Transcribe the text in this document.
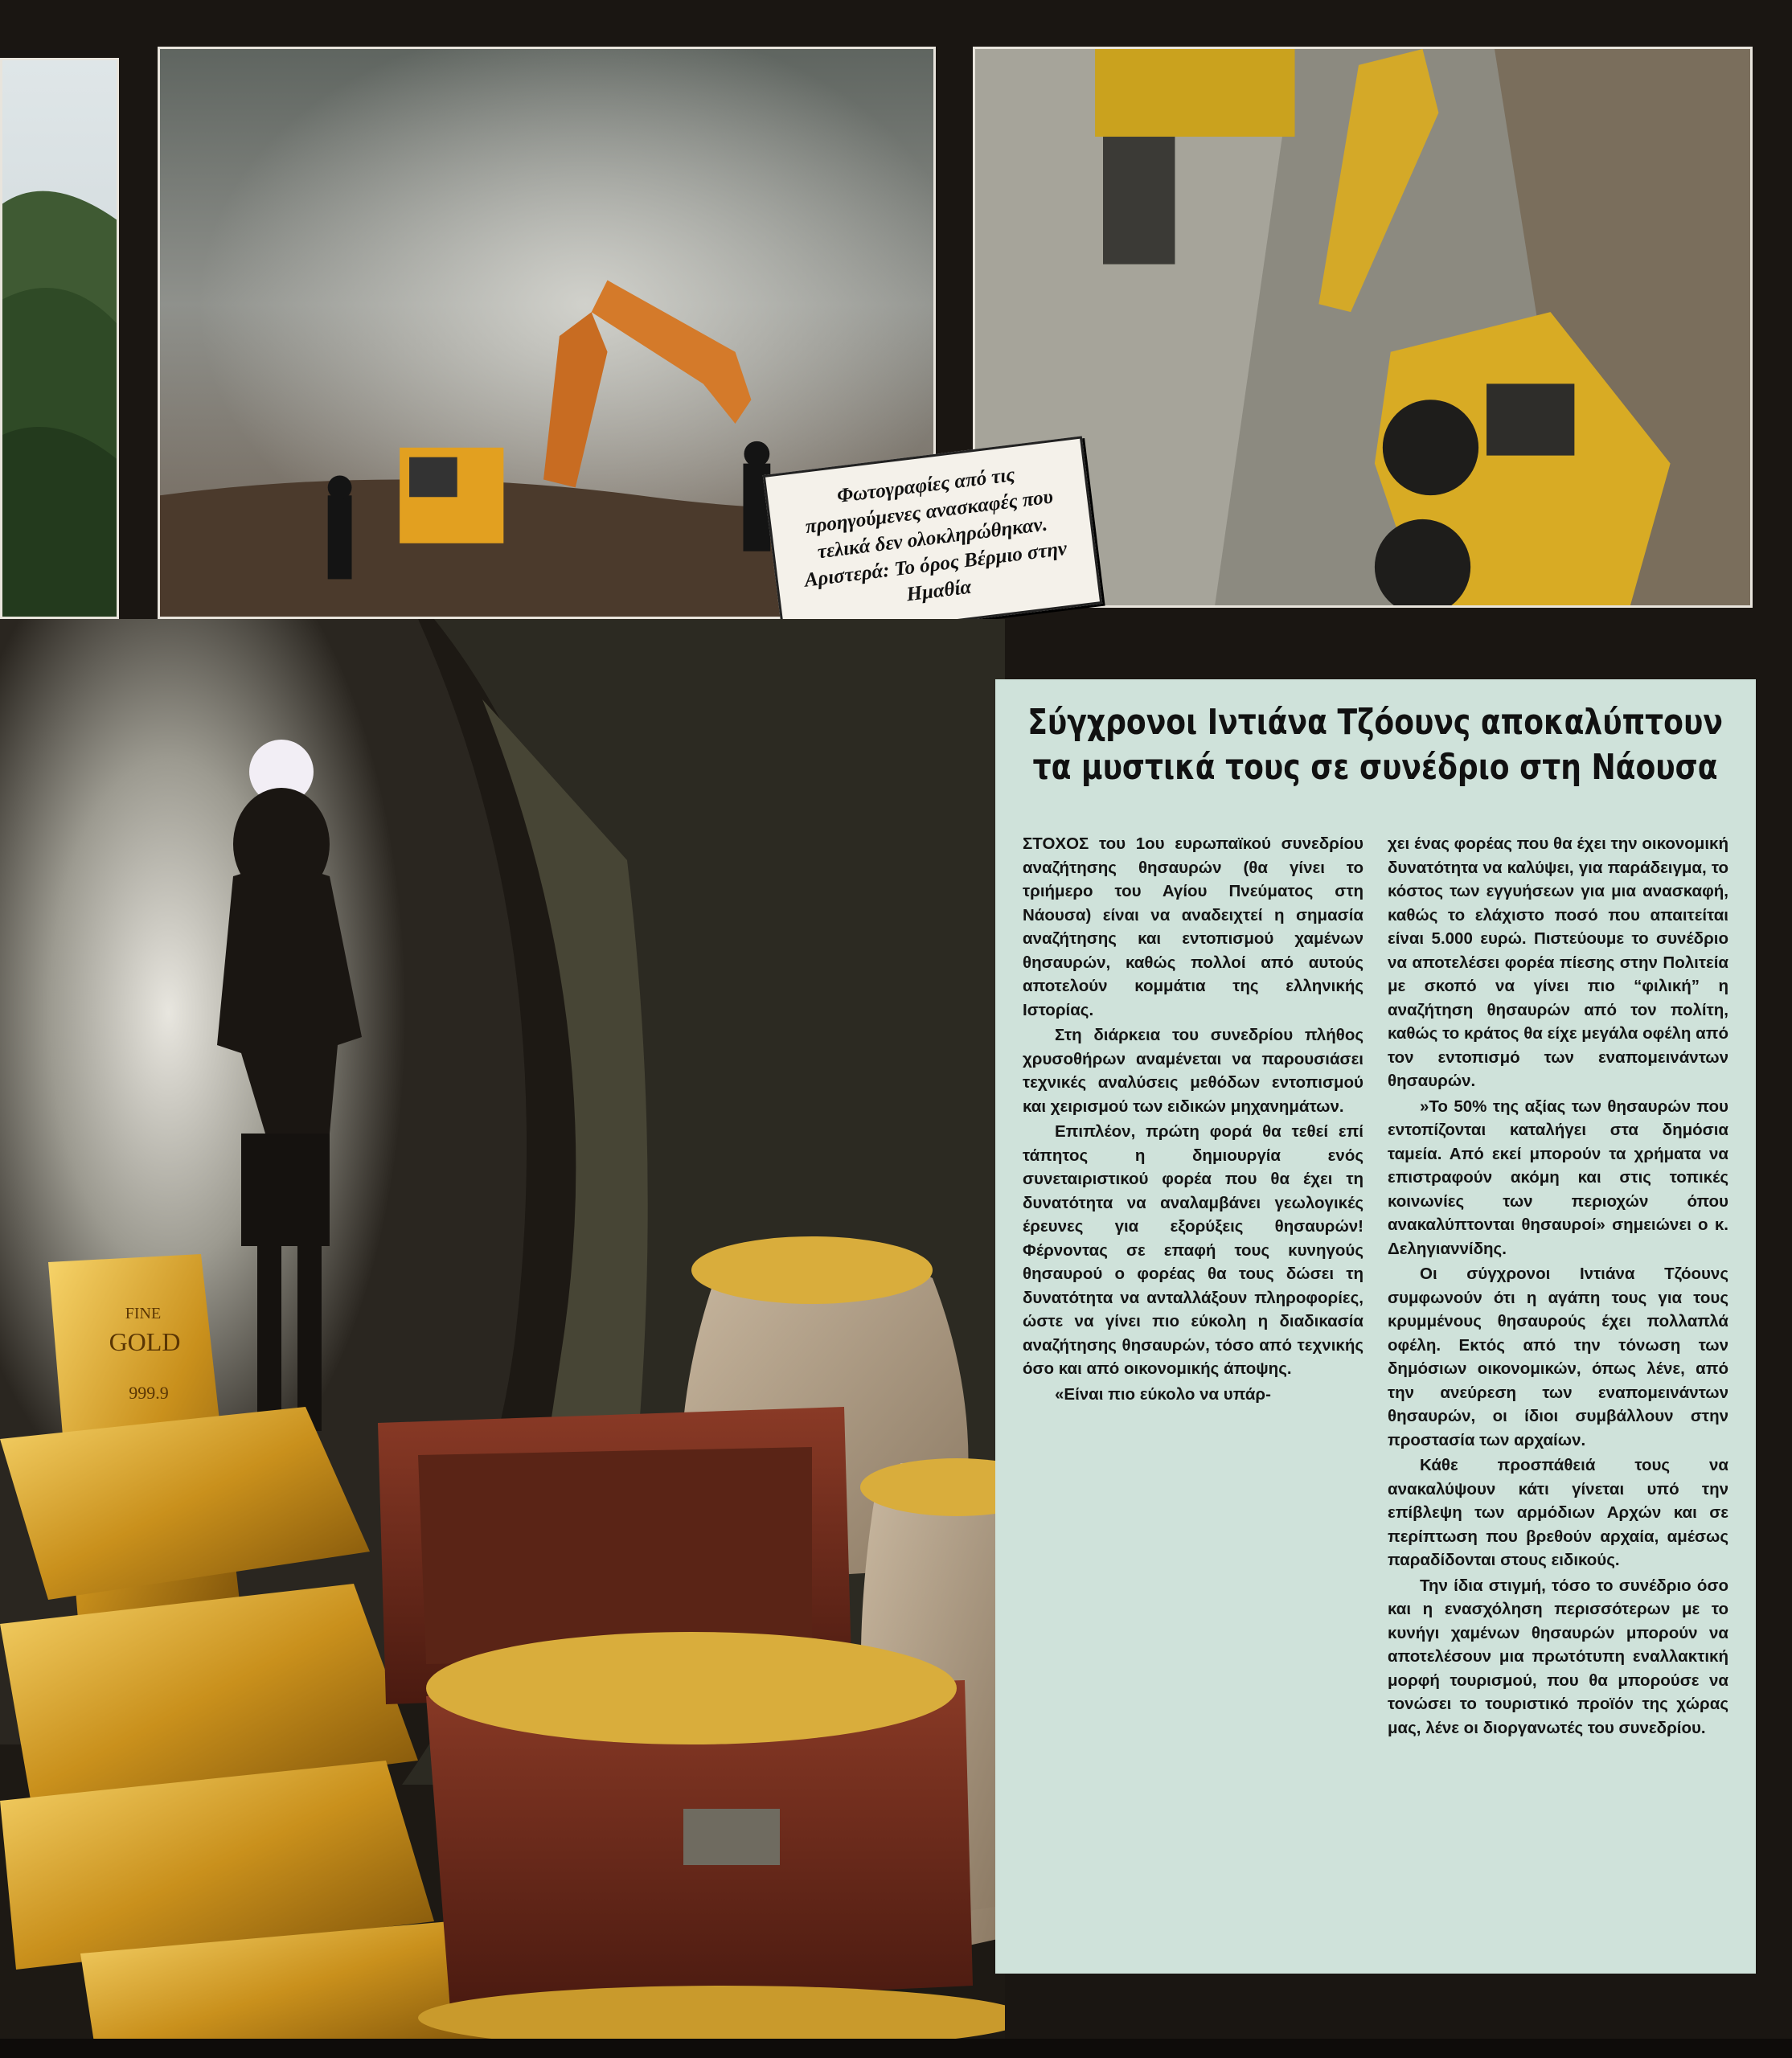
Φωτογραφίες από τις προηγούμενες ανασκαφές που τελικά δεν ολοκληρώθηκαν. Αριστερά: Το όρος Βέρμιο στην Ημαθία
FINE
GOLD
999.9
Σύγχρονοι Ιντιάνα Τζόουνς αποκαλύπτουν τα μυστικά τους σε συνέδριο στη Νάουσα

ΣΤΟΧΟΣ του 1ου ευρωπαϊκού συνεδρίου αναζήτησης θησαυρών (θα γίνει το τριήμερο του Αγίου Πνεύματος στη Νάουσα) είναι να αναδειχτεί η σημασία αναζήτησης και εντοπισμού χαμένων θησαυρών, καθώς πολλοί από αυτούς αποτελούν κομμάτια της ελληνικής Ιστορίας.

Στη διάρκεια του συνεδρίου πλήθος χρυσοθήρων αναμένεται να παρουσιάσει τεχνικές αναλύσεις μεθόδων εντοπισμού και χειρισμού των ειδικών μηχανημάτων.

Επιπλέον, πρώτη φορά θα τεθεί επί τάπητος η δημιουργία ενός συνεταιριστικού φορέα που θα έχει τη δυνατότητα να αναλαμβάνει γεωλογικές έρευνες για εξορύξεις θησαυρών! Φέρνοντας σε επαφή τους κυνηγούς θησαυρού ο φορέας θα τους δώσει τη δυνατότητα να ανταλλάξουν πληροφορίες, ώστε να γίνει πιο εύκολη η διαδικασία αναζήτησης θησαυρών, τόσο από τεχνικής όσο και από οικονομικής άποψης.

«Είναι πιο εύκολο να υπάρ-

χει ένας φορέας που θα έχει την οικονομική δυνατότητα να καλύψει, για παράδειγμα, το κόστος των εγγυήσεων για μια ανασκαφή, καθώς το ελάχιστο ποσό που απαιτείται είναι 5.000 ευρώ. Πιστεύουμε το συνέδριο να αποτελέσει φορέα πίεσης στην Πολιτεία με σκοπό να γίνει πιο “φιλική” η αναζήτηση θησαυρών από τον πολίτη, καθώς το κράτος θα είχε μεγάλα οφέλη από τον εντοπισμό των εναπομεινάντων θησαυρών.

»Το 50% της αξίας των θησαυρών που εντοπίζονται καταλήγει στα δημόσια ταμεία. Από εκεί μπορούν τα χρήματα να επιστραφούν ακόμη και στις τοπικές κοινωνίες των περιοχών όπου ανακαλύπτονται θησαυροί» σημειώνει ο κ. Δεληγιαννίδης.

Οι σύγχρονοι Ιντιάνα Τζόουνς συμφωνούν ότι η αγάπη τους για τους κρυμμένους θησαυρούς έχει πολλαπλά οφέλη. Εκτός από την τόνωση των δημόσιων οικονομικών, όπως λένε, από την ανεύρεση των εναπομεινάντων θησαυρών, οι ίδιοι συμβάλλουν στην προστασία των αρχαίων.

Κάθε προσπάθειά τους να ανακαλύψουν κάτι γίνεται υπό την επίβλεψη των αρμόδιων Αρχών και σε περίπτωση που βρεθούν αρχαία, αμέσως παραδίδονται στους ειδικούς.

Την ίδια στιγμή, τόσο το συνέδριο όσο και η ενασχόληση περισσότερων με το κυνήγι χαμένων θησαυρών μπορούν να αποτελέσουν μια πρωτότυπη εναλλακτική μορφή τουρισμού, που θα μπορούσε να τονώσει το τουριστικό προϊόν της χώρας μας, λένε οι διοργανωτές του συνεδρίου.
